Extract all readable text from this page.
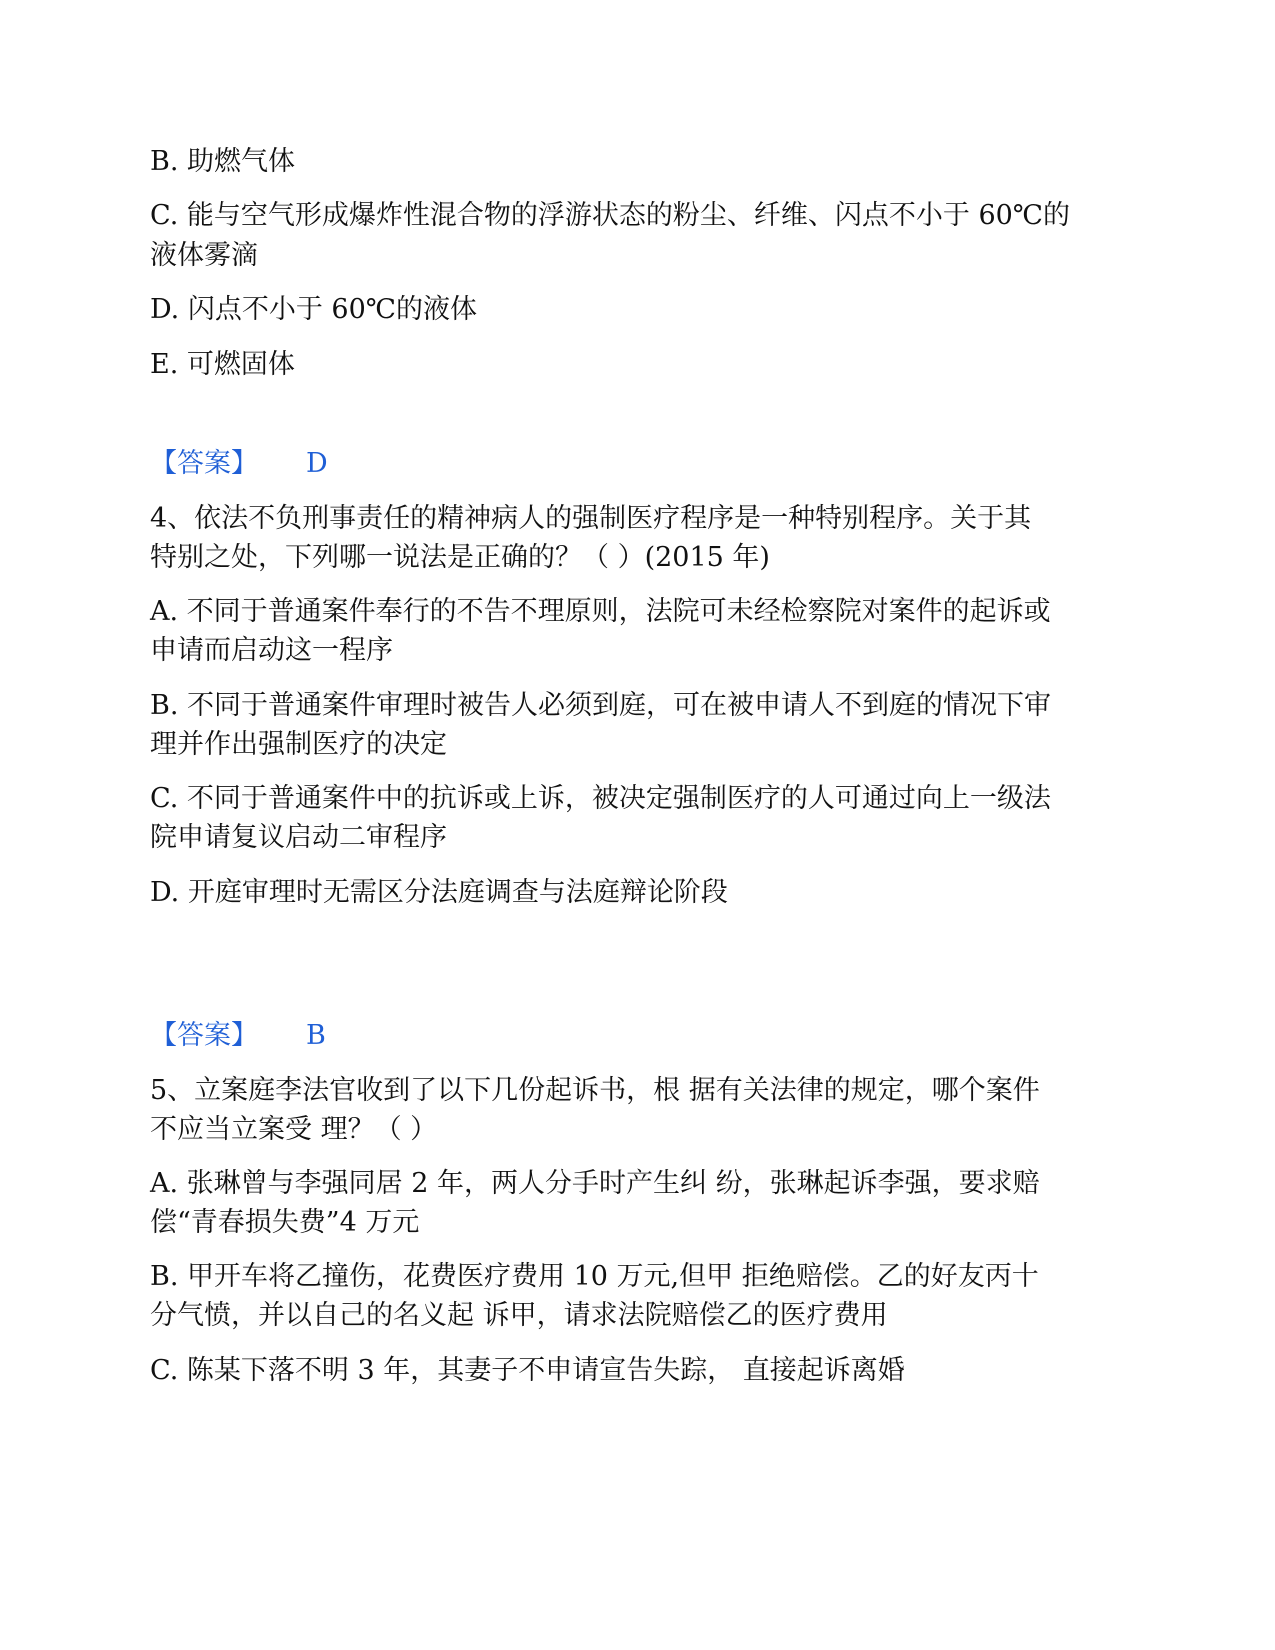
B. 助燃气体
C. 能与空气形成爆炸性混合物的浮游状态的粉尘、纤维、闪点不小于 60℃的
液体雾滴
D. 闪点不小于 60℃的液体
E. 可燃固体
【答案】 D
4、依法不负刑事责任的精神病人的强制医疗程序是一种特别程序。关于其
特别之处，下列哪一说法是正确的？（ ）(2015 年)
A. 不同于普通案件奉行的不告不理原则，法院可未经检察院对案件的起诉或
申请而启动这一程序
B. 不同于普通案件审理时被告人必须到庭，可在被申请人不到庭的情况下审
理并作出强制医疗的决定
C. 不同于普通案件中的抗诉或上诉，被决定强制医疗的人可通过向上一级法
院申请复议启动二审程序
D. 开庭审理时无需区分法庭调查与法庭辩论阶段
【答案】 B
5、立案庭李法官收到了以下几份起诉书，根 据有关法律的规定，哪个案件
不应当立案受 理？（ ）
A. 张琳曾与李强同居 2 年，两人分手时产生纠 纷，张琳起诉李强，要求赔
偿“青春损失费”4 万元
B. 甲开车将乙撞伤，花费医疗费用 10 万元,但甲 拒绝赔偿。乙的好友丙十
分气愤，并以自己的名义起 诉甲，请求法院赔偿乙的医疗费用
C. 陈某下落不明 3 年，其妻子不申请宣告失踪， 直接起诉离婚
